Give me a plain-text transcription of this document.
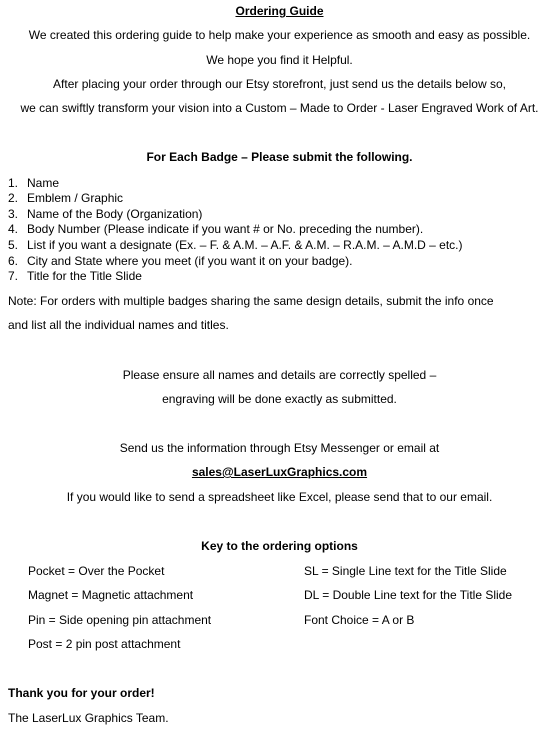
Ordering Guide
We created this ordering guide to help make your experience as smooth and easy as possible.
We hope you find it Helpful.
After placing your order through our Etsy storefront, just send us the details below so,
we can swiftly transform your vision into a Custom – Made to Order - Laser Engraved Work of Art.
For Each Badge – Please submit the following.
1. Name
2. Emblem / Graphic
3. Name of the Body (Organization)
4. Body Number (Please indicate if you want # or No. preceding the number).
5. List if you want a designate (Ex. – F. & A.M. – A.F. & A.M. – R.A.M. – A.M.D – etc.)
6. City and State where you meet (if you want it on your badge).
7. Title for the Title Slide
Note: For orders with multiple badges sharing the same design details, submit the info once
and list all the individual names and titles.
Please ensure all names and details are correctly spelled –
engraving will be done exactly as submitted.
Send us the information through Etsy Messenger or email at
sales@LaserLuxGraphics.com
If you would like to send a spreadsheet like Excel, please send that to our email.
Key to the ordering options
Pocket = Over the Pocket
Magnet = Magnetic attachment
Pin = Side opening pin attachment
Post = 2 pin post attachment
SL = Single Line text for the Title Slide
DL = Double Line text for the Title Slide
Font Choice = A or B
Thank you for your order!
The LaserLux Graphics Team.
